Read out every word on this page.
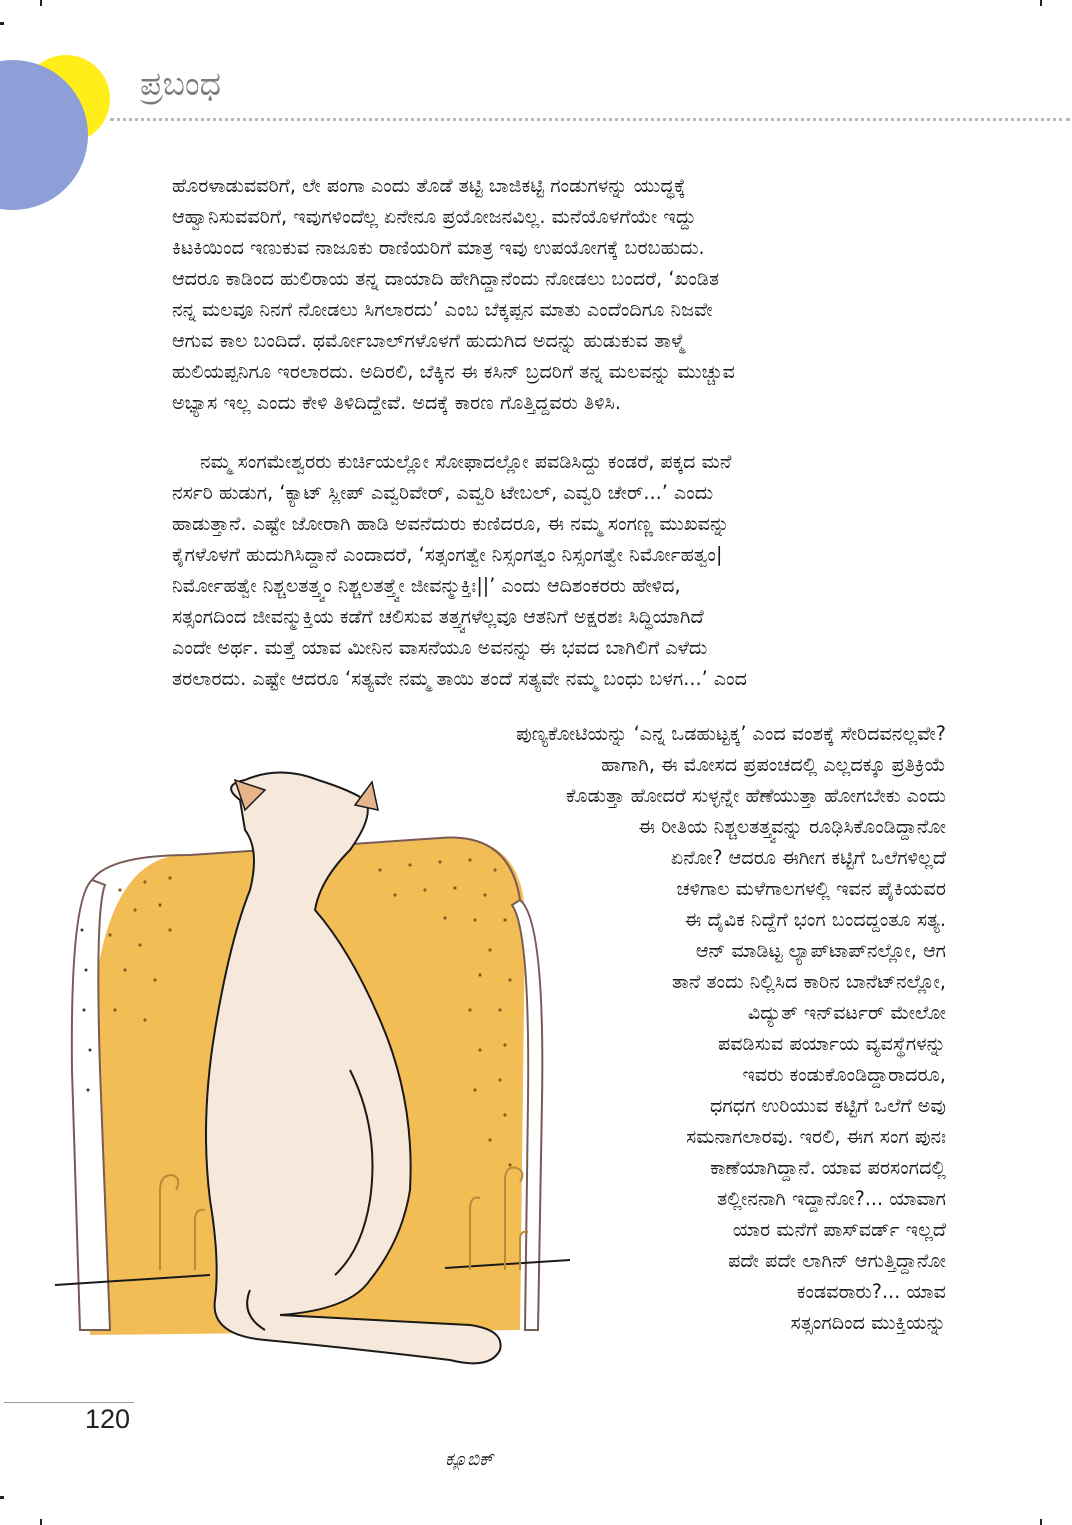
ಪ್ರಬಂಧ
ಕ್ಯೂಬಿಕ್
ಹೊರಳಾಡುವವರಿಗೆ, ಲೇ ಪಂಗಾ ಎಂದು ತೊಡೆ ತಟ್ಟಿ ಬಾಜಿಕಟ್ಟಿ ಗಂಡುಗಳನ್ನು ಯುದ್ಧಕ್ಕೆ
ಆಹ್ವಾನಿಸುವವರಿಗೆ, ಇವುಗಳಿಂದೆಲ್ಲ ಏನೇನೂ ಪ್ರಯೋಜನವಿಲ್ಲ. ಮನೆಯೊಳಗೆಯೇ ಇದ್ದು
ಕಿಟಕಿಯಿಂದ ಇಣುಕುವ ನಾಜೂಕು ರಾಣಿಯರಿಗೆ ಮಾತ್ರ ಇವು ಉಪಯೋಗಕ್ಕೆ ಬರಬಹುದು.
ಆದರೂ ಕಾಡಿಂದ ಹುಲಿರಾಯ ತನ್ನ ದಾಯಾದಿ ಹೇಗಿದ್ದಾನೆಂದು ನೋಡಲು ಬಂದರೆ, ‘ಖಂಡಿತ
ನನ್ನ ಮಲವೂ ನಿನಗೆ ನೋಡಲು ಸಿಗಲಾರದು’ ಎಂಬ ಬೆಕ್ಕಪ್ಪನ ಮಾತು ಎಂದೆಂದಿಗೂ ನಿಜವೇ
ಆಗುವ ಕಾಲ ಬಂದಿದೆ. ಥರ್ಮೋಬಾಲ್‌ಗಳೊಳಗೆ ಹುದುಗಿದ ಅದನ್ನು ಹುಡುಕುವ ತಾಳ್ಮೆ
ಹುಲಿಯಪ್ಪನಿಗೂ ಇರಲಾರದು. ಅದಿರಲಿ, ಬೆಕ್ಕಿನ ಈ ಕಸಿನ್ ಬ್ರದರಿಗೆ ತನ್ನ ಮಲವನ್ನು ಮುಚ್ಚುವ
ಅಭ್ಯಾಸ ಇಲ್ಲ ಎಂದು ಕೇಳಿ ತಿಳಿದಿದ್ದೇವೆ. ಅದಕ್ಕೆ ಕಾರಣ ಗೊತ್ತಿದ್ದವರು ತಿಳಿಸಿ.
ನಮ್ಮ ಸಂಗಮೇಶ್ವರರು ಕುರ್ಚಿಯಲ್ಲೋ ಸೋಫಾದಲ್ಲೋ ಪವಡಿಸಿದ್ದು ಕಂಡರೆ, ಪಕ್ಕದ ಮನೆ
ನರ್ಸರಿ ಹುಡುಗ, ‘ಕ್ಯಾಟ್ ಸ್ಲೀಪ್ ಎವ್ವರಿವೇರ್, ಎವ್ವರಿ ಟೇಬಲ್, ಎವ್ವರಿ ಚೇರ್...’ ಎಂದು
ಹಾಡುತ್ತಾನೆ. ಎಷ್ಟೇ ಜೋರಾಗಿ ಹಾಡಿ ಅವನೆದುರು ಕುಣಿದರೂ, ಈ ನಮ್ಮ ಸಂಗಣ್ಣ ಮುಖವನ್ನು
ಕೈಗಳೊಳಗೆ ಹುದುಗಿಸಿದ್ದಾನೆ ಎಂದಾದರೆ, ‘ಸತ್ಸಂಗತ್ವೇ ನಿಸ್ಸಂಗತ್ವಂ ನಿಸ್ಸಂಗತ್ವೇ ನಿರ್ಮೋಹತ್ವಂ|
ನಿರ್ಮೋಹತ್ವೇ ನಿಶ್ಚಲತತ್ತ್ವಂ ನಿಶ್ಚಲತತ್ತ್ವೇ ಜೀವನ್ಮುಕ್ತಿಃ||’ ಎಂದು ಆದಿಶಂಕರರು ಹೇಳಿದ,
ಸತ್ಸಂಗದಿಂದ ಜೀವನ್ಮುಕ್ತಿಯ ಕಡೆಗೆ ಚಲಿಸುವ ತತ್ತ್ವಗಳೆಲ್ಲವೂ ಆತನಿಗೆ ಅಕ್ಷರಶಃ ಸಿದ್ಧಿಯಾಗಿದೆ
ಎಂದೇ ಅರ್ಥ. ಮತ್ತೆ ಯಾವ ಮೀನಿನ ವಾಸನೆಯೂ ಅವನನ್ನು ಈ ಭವದ ಬಾಗಿಲಿಗೆ ಎಳೆದು
ತರಲಾರದು. ಎಷ್ಟೇ ಆದರೂ ‘ಸತ್ಯವೇ ನಮ್ಮ ತಾಯಿ ತಂದೆ ಸತ್ಯವೇ ನಮ್ಮ ಬಂಧು ಬಳಗ...’ ಎಂದ
ಪುಣ್ಯಕೋಟಿಯನ್ನು ‘ಎನ್ನ ಒಡಹುಟ್ಟಕ್ಕ’ ಎಂದ ವಂಶಕ್ಕೆ ಸೇರಿದವನಲ್ಲವೇ?
ಹಾಗಾಗಿ, ಈ ಮೋಸದ ಪ್ರಪಂಚದಲ್ಲಿ ಎಲ್ಲದಕ್ಕೂ ಪ್ರತಿಕ್ರಿಯೆ
ಕೊಡುತ್ತಾ ಹೋದರೆ ಸುಳ್ಳನ್ನೇ ಹೆಣೆಯುತ್ತಾ ಹೋಗಬೇಕು ಎಂದು
ಈ ರೀತಿಯ ನಿಶ್ಚಲತತ್ತ್ವವನ್ನು ರೂಢಿಸಿಕೊಂಡಿದ್ದಾನೋ
ಏನೋ? ಆದರೂ ಈಗೀಗ ಕಟ್ಟಿಗೆ ಒಲೆಗಳಿಲ್ಲದೆ
ಚಳಿಗಾಲ ಮಳೆಗಾಲಗಳಲ್ಲಿ ಇವನ ಪೈಕಿಯವರ
ಈ ದೈವಿಕ ನಿದ್ದೆಗೆ ಭಂಗ ಬಂದದ್ದಂತೂ ಸತ್ಯ.
ಆನ್ ಮಾಡಿಟ್ಟ ಲ್ಯಾಪ್‌ಟಾಪ್‌ನಲ್ಲೋ, ಆಗ
ತಾನೆ ತಂದು ನಿಲ್ಲಿಸಿದ ಕಾರಿನ ಬಾನೆಟ್‌ನಲ್ಲೋ,
ವಿದ್ಯುತ್ ಇನ್‌ವರ್ಟರ್ ಮೇಲೋ
ಪವಡಿಸುವ ಪರ್ಯಾಯ ವ್ಯವಸ್ಥೆಗಳನ್ನು
ಇವರು ಕಂಡುಕೊಂಡಿದ್ದಾರಾದರೂ,
ಧಗಧಗ ಉರಿಯುವ ಕಟ್ಟಿಗೆ ಒಲೆಗೆ ಅವು
ಸಮನಾಗಲಾರವು. ಇರಲಿ, ಈಗ ಸಂಗ ಪುನಃ
ಕಾಣೆಯಾಗಿದ್ದಾನೆ. ಯಾವ ಪರಸಂಗದಲ್ಲಿ
ತಲ್ಲೀನನಾಗಿ ಇದ್ದಾನೋ?... ಯಾವಾಗ
ಯಾರ ಮನೆಗೆ ಪಾಸ್‌ವರ್ಡ್ ಇಲ್ಲದೆ
ಪದೇ ಪದೇ ಲಾಗಿನ್ ಆಗುತ್ತಿದ್ದಾನೋ
ಕಂಡವರಾರು?... ಯಾವ
ಸತ್ಸಂಗದಿಂದ ಮುಕ್ತಿಯನ್ನು
120
